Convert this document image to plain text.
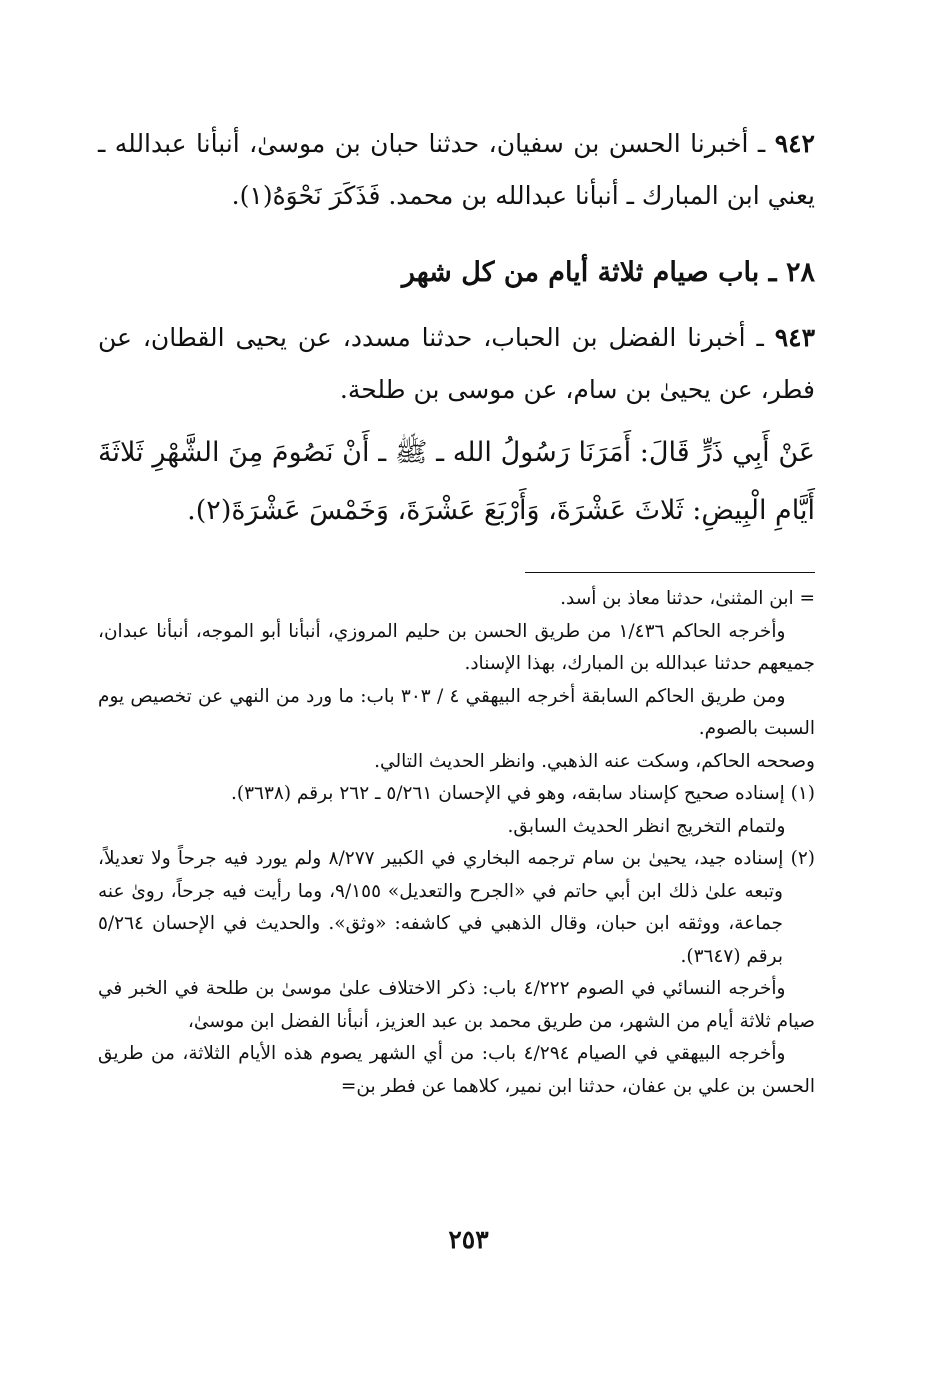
٩٤٢ ـ أخبرنا الحسن بن سفيان، حدثنا حبان بن موسىٰ، أنبأنا عبدالله ـ يعني ابن المبارك ـ أنبأنا عبدالله بن محمد. فَذَكَرَ نَحْوَهُ(١).

٢٨ ـ باب صيام ثلاثة أيام من كل شهر

٩٤٣ ـ أخبرنا الفضل بن الحباب، حدثنا مسدد، عن يحيى القطان، عن فطر، عن يحيىٰ بن سام، عن موسى بن طلحة.

عَنْ أَبِي ذَرٍّ قَالَ: أَمَرَنَا رَسُولُ الله ـ ﷺ ـ أَنْ نَصُومَ مِنَ الشَّهْرِ ثَلاثَةَ أَيَّامِ الْبِيضِ: ثَلاثَ عَشْرَةَ، وَأَرْبَعَ عَشْرَةَ، وَخَمْسَ عَشْرَةَ(٢).

= ابن المثنىٰ، حدثنا معاذ بن أسد.

وأخرجه الحاكم ١/٤٣٦ من طريق الحسن بن حليم المروزي، أنبأنا أبو الموجه، أنبأنا عبدان، جميعهم حدثنا عبدالله بن المبارك، بهذا الإسناد.

ومن طريق الحاكم السابقة أخرجه البيهقي ٤ / ٣٠٣ باب: ما ورد من النهي عن تخصيص يوم السبت بالصوم.

وصححه الحاكم، وسكت عنه الذهبي. وانظر الحديث التالي.

(١) إسناده صحيح كإسناد سابقه، وهو في الإحسان ٥/٢٦١ ـ ٢٦٢ برقم (٣٦٣٨).

ولتمام التخريج انظر الحديث السابق.

(٢) إسناده جيد، يحيىٰ بن سام ترجمه البخاري في الكبير ٨/٢٧٧ ولم يورد فيه جرحاً ولا تعديلاً، وتبعه علىٰ ذلك ابن أبي حاتم في «الجرح والتعديل» ٩/١٥٥، وما رأيت فيه جرحاً، روىٰ عنه جماعة، ووثقه ابن حبان، وقال الذهبي في كاشفه: «وثق». والحديث في الإحسان ٥/٢٦٤ برقم (٣٦٤٧).

وأخرجه النسائي في الصوم ٤/٢٢٢ باب: ذكر الاختلاف علىٰ موسىٰ بن طلحة في الخبر في صيام ثلاثة أيام من الشهر، من طريق محمد بن عبد العزيز، أنبأنا الفضل ابن موسىٰ،

وأخرجه البيهقي في الصيام ٤/٢٩٤ باب: من أي الشهر يصوم هذه الأيام الثلاثة، من طريق الحسن بن علي بن عفان، حدثنا ابن نمير، كلاهما عن فطر بن=

٢٥٣
